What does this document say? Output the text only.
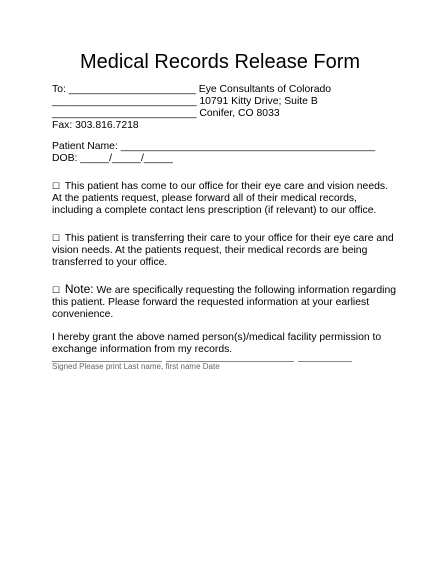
Medical Records Release Form
To: ______________________ Eye Consultants of Colorado
_________________________ 10791 Kitty Drive; Suite B
_________________________ Conifer, CO 8033
Fax: 303.816.7218
Patient Name: ____________________________________________
DOB: _____/_____/_____
☐ This patient has come to our office for their eye care and vision needs. At the patients request, please forward all of their medical records, including a complete contact lens prescription (if relevant) to our office.
☐ This patient is transferring their care to your office for their eye care and vision needs. At the patients request, their medical records are being transferred to your office.
☐ Note: We are specifically requesting the following information regarding this patient. Please forward the requested information at your earliest convenience.
I hereby grant the above named person(s)/medical facility permission to exchange information from my records.
Signed Please print Last name, first name Date
